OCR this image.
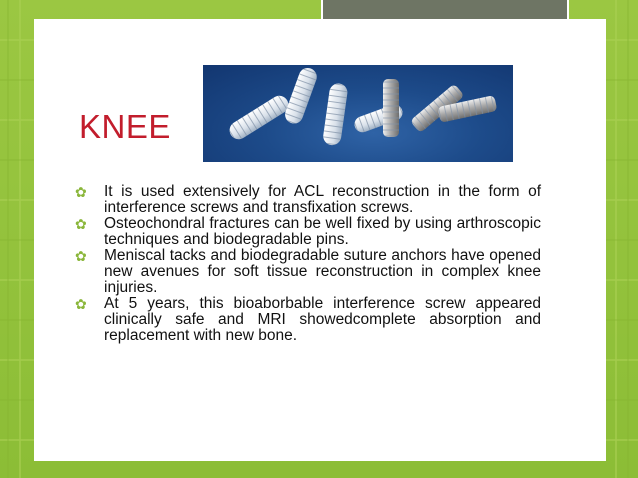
KNEE
✿ It is used extensively for ACL reconstruction in the form of interference screws and transfixation screws.
✿ Osteochondral fractures can be well fixed by using arthroscopic techniques and biodegradable pins.
✿ Meniscal tacks and biodegradable suture anchors have opened new avenues for soft tissue reconstruction in complex knee injuries.
✿ At 5 years, this bioaborbable interference screw appeared clinically safe and MRI showedcomplete absorption and replacement with new bone.
